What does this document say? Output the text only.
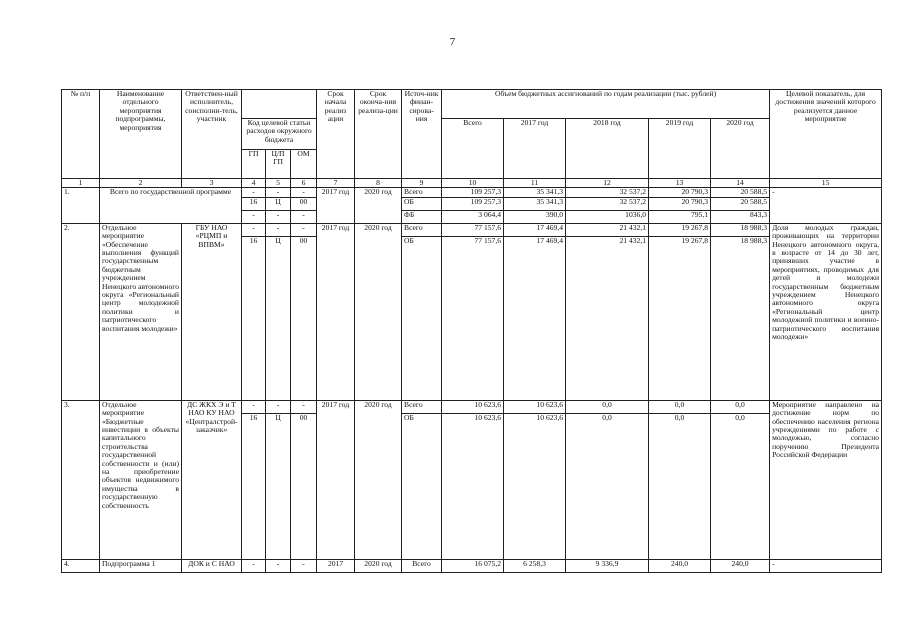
7
№ п/п	Наименование отдельного мероприятия подпрограммы, мероприятия	Ответствен-ный исполнитель, соисполни-тель, участник				Срок начала реализ ации	Срок оконча-ния реализа-ции	Источ-ник финан-сирова-ния	Объем бюджетных ассигнований по годам реализации (тыс. рублей)					Целевой показатель, для достижения значений которого реализуется данное мероприятие
			Код целевой статьи расходов окружного бюджета						Всего	2017 год	2018 год	2019 год	2020 год	
			ГП	Ц/П ГП	ОМ									
1	2	3	4	5	6	7	8	9	10	11	12	13	14	15
1.	Всего по государственной программе		-	-	-	2017 год	2020 год	Всего	109 257,3	35 341,3	32 537,2	20 790,3	20 588,5	-
			16	Ц	00			ОБ	109 257,3	35 341,3	32 537,2	20 790,3	20 588,5	
			-	-	-			ФБ	3 064,4	390,0	1036,0	795,1	843,3	
2.	Отдельное мероприятие «Обеспечение выполнения функций государственным бюджетным учреждением Ненецкого автономного округа «Региональный центр молодежной политики и патриотического воспитания молодежи»	ГБУ НАО «РЦМП и ВПВМ»	-	-	-	2017 год	2020 год	Всего	77 157,6	17 469,4	21 432,1	19 267,8	18 988,3	Доля молодых граждан, проживающих на территории Ненецкого автономного округа, в возрасте от 14 до 30 лет, принявших участие в мероприятиях, проводимых для детей и молодежи государственным бюджетным учреждением Ненецкого автономного округа «Региональный центр молодежной политики и военно-патриотического воспитания молодежи»
			16	Ц	00			ОБ	77 157,6	17 469,4	21 432,1	19 267,8	18 988,3	
3.	Отдельное мероприятие «Бюджетные инвестиции в объекты капитального строительства государственной собственности и (или) на приобретение объектов недвижимого имущества в государственную собственность	ДС ЖКХ Э и Т НАО КУ НАО «Централстрой-заказчик»	-	-	-	2017 год	2020 год	Всего	10 623,6	10 623,6	0,0	0,0	0,0	Мероприятие направлено на достижение норм по обеспечению населения региона учреждениями по работе с молодежью, согласно поручению Президента Российской Федерации
			16	Ц	00			ОБ	10 623,6	10 623,6	0,0	0,0	0,0	
4.	Подпрограмма 1	ДОК и С НАО	-	-	-	2017	2020 год	Всего	16 075,2	6 258,3	9 336,9	240,0	240,0	-
